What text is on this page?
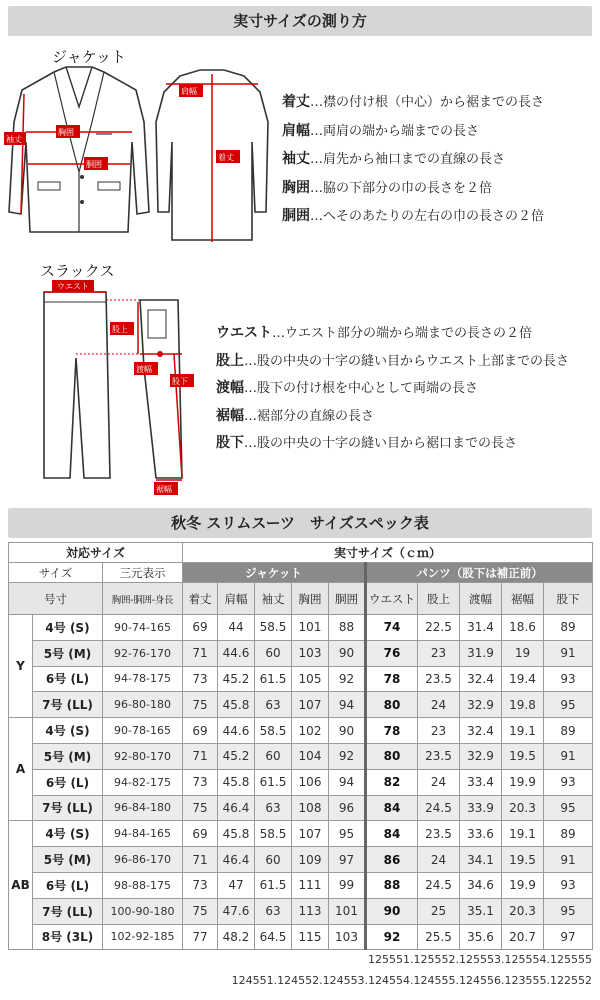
実寸サイズの測り方
ジャケット
胸囲
胴囲
袖丈
肩幅
着丈
着丈…襟の付け根（中心）から裾までの長さ
肩幅…両肩の端から端までの長さ
袖丈…肩先から袖口までの直線の長さ
胸囲…脇の下部分の巾の長さを２倍
胴囲…へそのあたりの左右の巾の長さの２倍
スラックス
ウエスト
股上
渡幅
股下
裾幅
ウエスト…ウエスト部分の端から端までの長さの２倍
股上…股の中央の十字の縫い目からウエスト上部までの長さ
渡幅…股下の付け根を中心として両端の長さ
裾幅…裾部分の直線の長さ
股下…股の中央の十字の縫い目から裾口までの長さ
秋冬 スリムスーツ　サイズスペック表
対応サイズ			実寸サイズ（ｃｍ）									
サイズ		三元表示	ジャケット					パンツ（股下は補正前）				
号寸		胸囲-胴囲-身長	着丈	肩幅	袖丈	胸囲	胴囲	ウエスト	股上	渡幅	裾幅	股下
Y	4号 (S)	90-74-165	69	44	58.5	101	88	74	22.5	31.4	18.6	89
	5号 (M)	92-76-170	71	44.6	60	103	90	76	23	31.9	19	91
	6号 (L)	94-78-175	73	45.2	61.5	105	92	78	23.5	32.4	19.4	93
	7号 (LL)	96-80-180	75	45.8	63	107	94	80	24	32.9	19.8	95
A	4号 (S)	90-78-165	69	44.6	58.5	102	90	78	23	32.4	19.1	89
	5号 (M)	92-80-170	71	45.2	60	104	92	80	23.5	32.9	19.5	91
	6号 (L)	94-82-175	73	45.8	61.5	106	94	82	24	33.4	19.9	93
	7号 (LL)	96-84-180	75	46.4	63	108	96	84	24.5	33.9	20.3	95
AB	4号 (S)	94-84-165	69	45.8	58.5	107	95	84	23.5	33.6	19.1	89
	5号 (M)	96-86-170	71	46.4	60	109	97	86	24	34.1	19.5	91
	6号 (L)	98-88-175	73	47	61.5	111	99	88	24.5	34.6	19.9	93
	7号 (LL)	100-90-180	75	47.6	63	113	101	90	25	35.1	20.3	95
	8号 (3L)	102-92-185	77	48.2	64.5	115	103	92	25.5	35.6	20.7	97
125551.125552.125553.125554.125555
124551.124552.124553.124554.124555.124556.123555.122552
